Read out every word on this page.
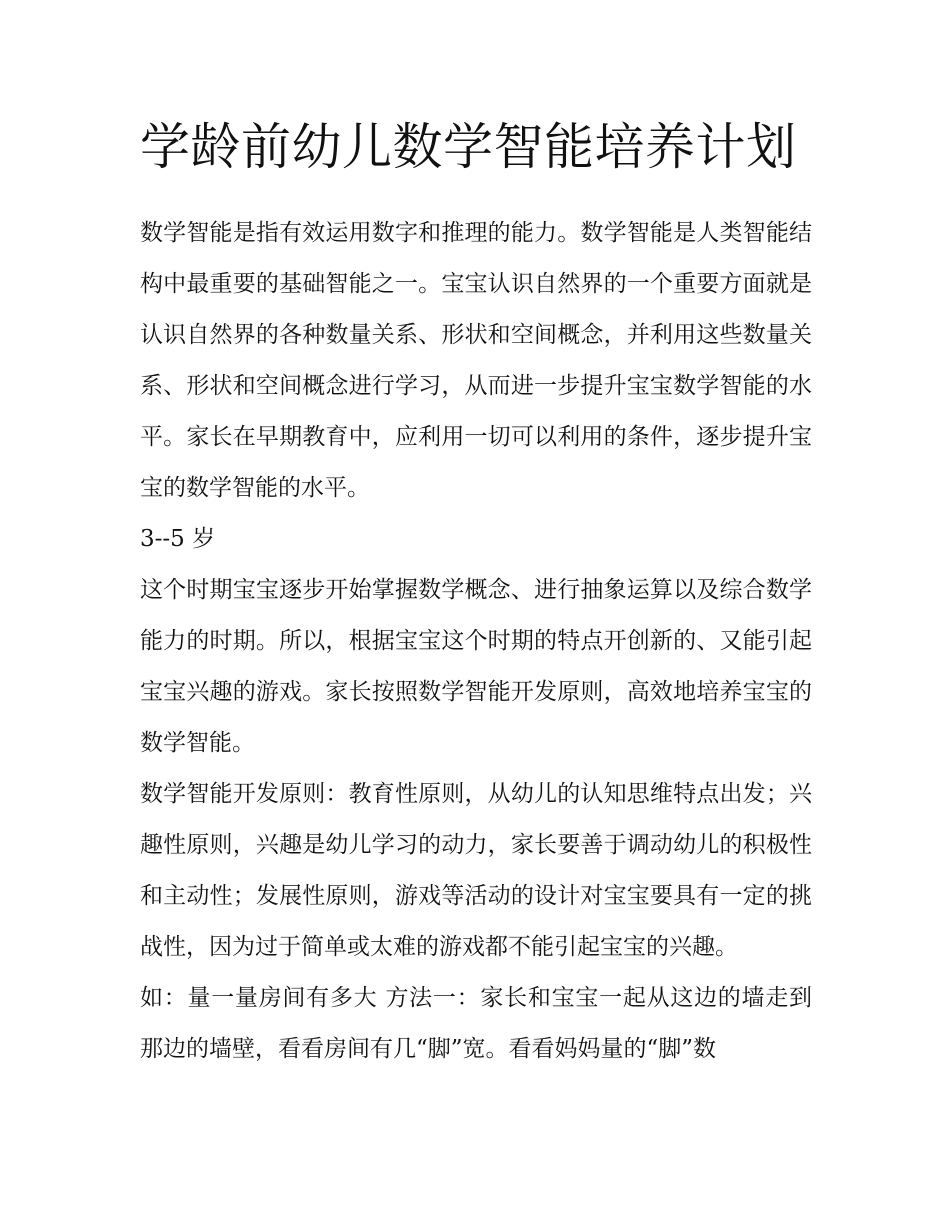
学龄前幼儿数学智能培养计划

数学智能是指有效运用数字和推理的能力。数学智能是人类智能结构中最重要的基础智能之一。宝宝认识自然界的一个重要方面就是认识自然界的各种数量关系、形状和空间概念，并利用这些数量关系、形状和空间概念进行学习，从而进一步提升宝宝数学智能的水平。家长在早期教育中，应利用一切可以利用的条件，逐步提升宝宝的数学智能的水平。

3--5 岁

这个时期宝宝逐步开始掌握数学概念、进行抽象运算以及综合数学能力的时期。所以，根据宝宝这个时期的特点开创新的、又能引起宝宝兴趣的游戏。家长按照数学智能开发原则，高效地培养宝宝的数学智能。

数学智能开发原则：教育性原则，从幼儿的认知思维特点出发；兴趣性原则，兴趣是幼儿学习的动力，家长要善于调动幼儿的积极性和主动性；发展性原则，游戏等活动的设计对宝宝要具有一定的挑战性，因为过于简单或太难的游戏都不能引起宝宝的兴趣。

如：量一量房间有多大 方法一：家长和宝宝一起从这边的墙走到那边的墙壁，看看房间有几“脚”宽。看看妈妈量的“脚”数
